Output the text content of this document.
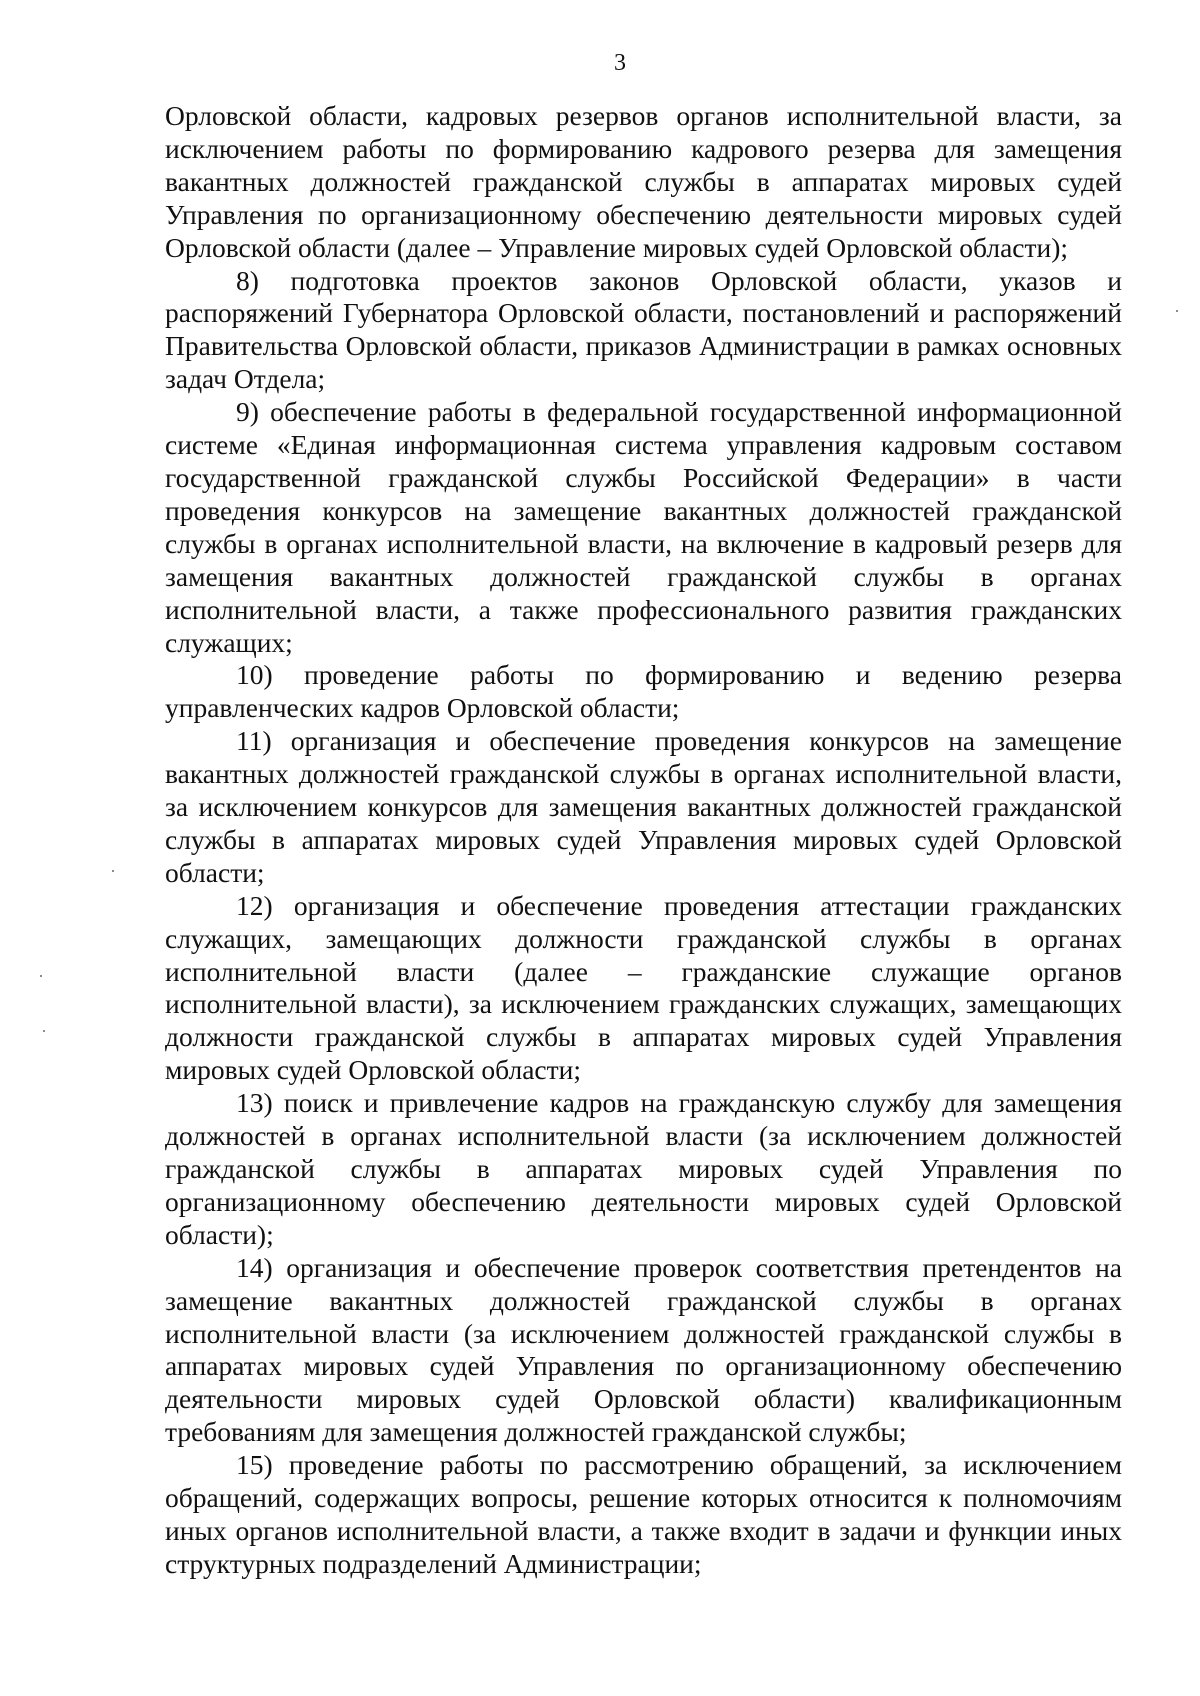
3

Орловской области, кадровых резервов органов исполнительной власти, за исключением работы по формированию кадрового резерва для замещения вакантных должностей гражданской службы в аппаратах мировых судей Управления по организационному обеспечению деятельности мировых судей Орловской области (далее – Управление мировых судей Орловской области);

8) подготовка проектов законов Орловской области, указов и распоряжений Губернатора Орловской области, постановлений и распоряжений Правительства Орловской области, приказов Администрации в рамках основных задач Отдела;

9) обеспечение работы в федеральной государственной информационной системе «Единая информационная система управления кадровым составом государственной гражданской службы Российской Федерации» в части проведения конкурсов на замещение вакантных должностей гражданской службы в органах исполнительной власти, на включение в кадровый резерв для замещения вакантных должностей гражданской службы в органах исполнительной власти, а также профессионального развития гражданских служащих;

10) проведение работы по формированию и ведению резерва управленческих кадров Орловской области;

11) организация и обеспечение проведения конкурсов на замещение вакантных должностей гражданской службы в органах исполнительной власти, за исключением конкурсов для замещения вакантных должностей гражданской службы в аппаратах мировых судей Управления мировых судей Орловской области;

12) организация и обеспечение проведения аттестации гражданских служащих, замещающих должности гражданской службы в органах исполнительной власти (далее – гражданские служащие органов исполнительной власти), за исключением гражданских служащих, замещающих должности гражданской службы в аппаратах мировых судей Управления мировых судей Орловской области;

13) поиск и привлечение кадров на гражданскую службу для замещения должностей в органах исполнительной власти (за исключением должностей гражданской службы в аппаратах мировых судей Управления по организационному обеспечению деятельности мировых судей Орловской области);

14) организация и обеспечение проверок соответствия претендентов на замещение вакантных должностей гражданской службы в органах исполнительной власти (за исключением должностей гражданской службы в аппаратах мировых судей Управления по организационному обеспечению деятельности мировых судей Орловской области) квалификационным требованиям для замещения должностей гражданской службы;

15) проведение работы по рассмотрению обращений, за исключением обращений, содержащих вопросы, решение которых относится к полномочиям иных органов исполнительной власти, а также входит в задачи и функции иных структурных подразделений Администрации;
